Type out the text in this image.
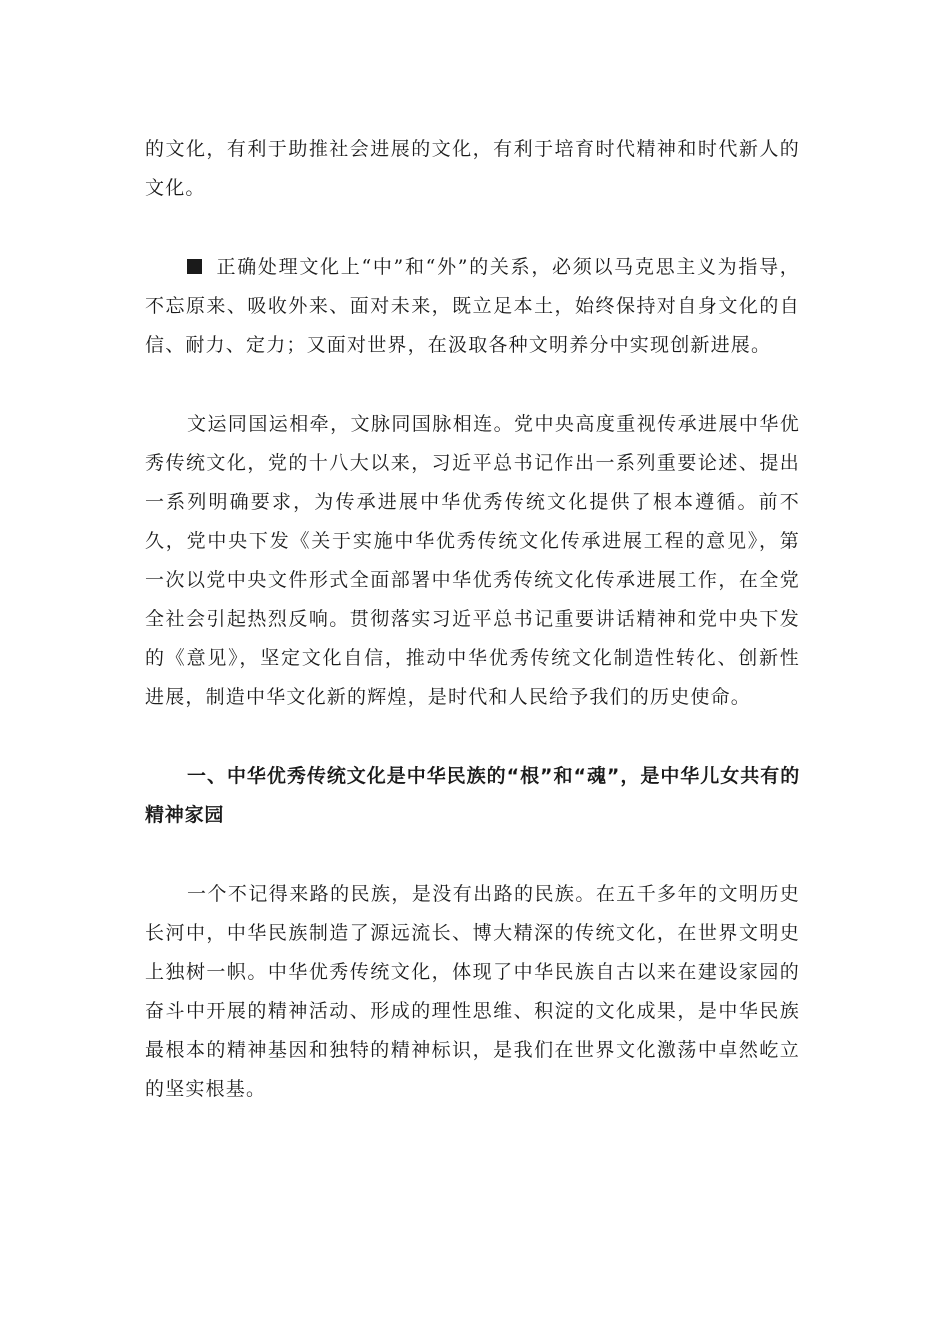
的文化，有利于助推社会进展的文化，有利于培育时代精神和时代新人的文化。

正确处理文化上“中”和“外”的关系，必须以马克思主义为指导，不忘原来、吸收外来、面对未来，既立足本土，始终保持对自身文化的自信、耐力、定力；又面对世界，在汲取各种文明养分中实现创新进展。

文运同国运相牵，文脉同国脉相连。党中央高度重视传承进展中华优秀传统文化，党的十八大以来，习近平总书记作出一系列重要论述、提出一系列明确要求，为传承进展中华优秀传统文化提供了根本遵循。前不久，党中央下发《关于实施中华优秀传统文化传承进展工程的意见》，第一次以党中央文件形式全面部署中华优秀传统文化传承进展工作，在全党全社会引起热烈反响。贯彻落实习近平总书记重要讲话精神和党中央下发的《意见》，坚定文化自信，推动中华优秀传统文化制造性转化、创新性进展，制造中华文化新的辉煌，是时代和人民给予我们的历史使命。

一、中华优秀传统文化是中华民族的“根”和“魂”，是中华儿女共有的精神家园

一个不记得来路的民族，是没有出路的民族。在五千多年的文明历史长河中，中华民族制造了源远流长、博大精深的传统文化，在世界文明史上独树一帜。中华优秀传统文化，体现了中华民族自古以来在建设家园的奋斗中开展的精神活动、形成的理性思维、积淀的文化成果，是中华民族最根本的精神基因和独特的精神标识，是我们在世界文化激荡中卓然屹立的坚实根基。
